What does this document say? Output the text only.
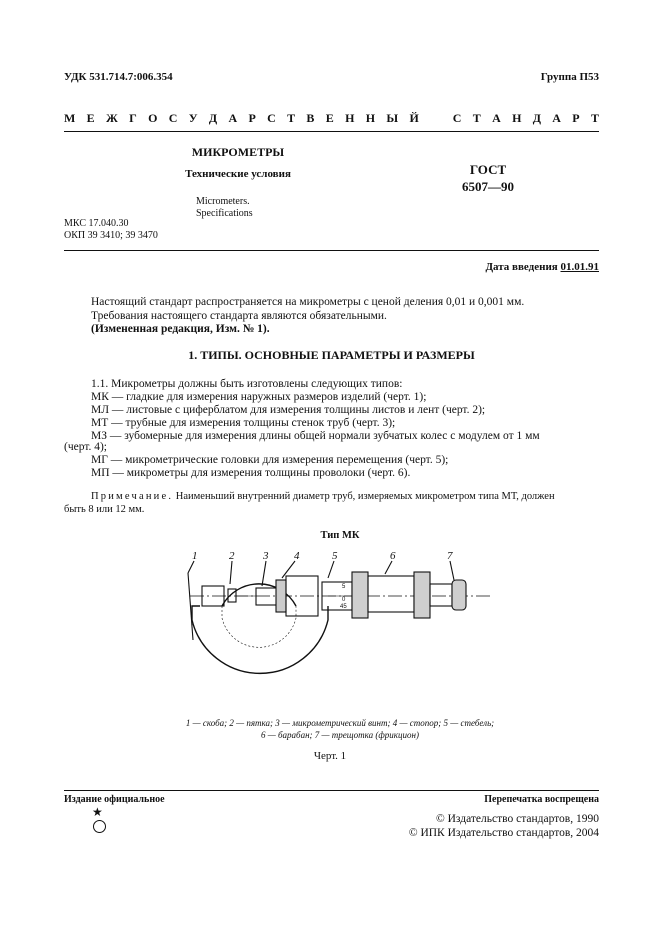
УДК 531.714.7:006.354	Группа П53
М Е Ж Г О С У Д А Р С Т В Е Н Н Ы Й	С Т А Н Д А Р Т
МИКРОМЕТРЫ
Технические условия
Micrometers.
Specifications
МКС 17.040.30
ОКП 39 3410; 39 3470
ГОСТ
6507—90
Дата введения 01.01.91
Настоящий стандарт распространяется на микрометры с ценой деления 0,01 и 0,001 мм.
Требования настоящего стандарта являются обязательными.
(Измененная редакция, Изм. № 1).
1. ТИПЫ. ОСНОВНЫЕ ПАРАМЕТРЫ И РАЗМЕРЫ
1.1. Микрометры должны быть изготовлены следующих типов:
МК — гладкие для измерения наружных размеров изделий (черт. 1);
МЛ — листовые с циферблатом для измерения толщины листов и лент (черт. 2);
МТ — трубные для измерения толщины стенок труб (черт. 3);
МЗ — зубомерные для измерения длины общей нормали зубчатых колес с модулем от 1 мм
(черт. 4);
МГ — микрометрические головки для измерения перемещения (черт. 5);
МП — микрометры для измерения толщины проволоки (черт. 6).
Примечание. Наименьший внутренний диаметр труб, измеряемых микрометром типа МТ, должен
быть 8 или 12 мм.
Тип МК
1	2	3 4	5	6	7
5
0
45
1 — скоба; 2 — пятка; 3 — микрометрический винт; 4 — стопор; 5 — стебель;
6 — барабан; 7 — трещотка (фрикцион)
Черт. 1
Издание официальное	Перепечатка воспрещена
★	© Издательство стандартов, 1990
© ИПК Издательство стандартов, 2004
